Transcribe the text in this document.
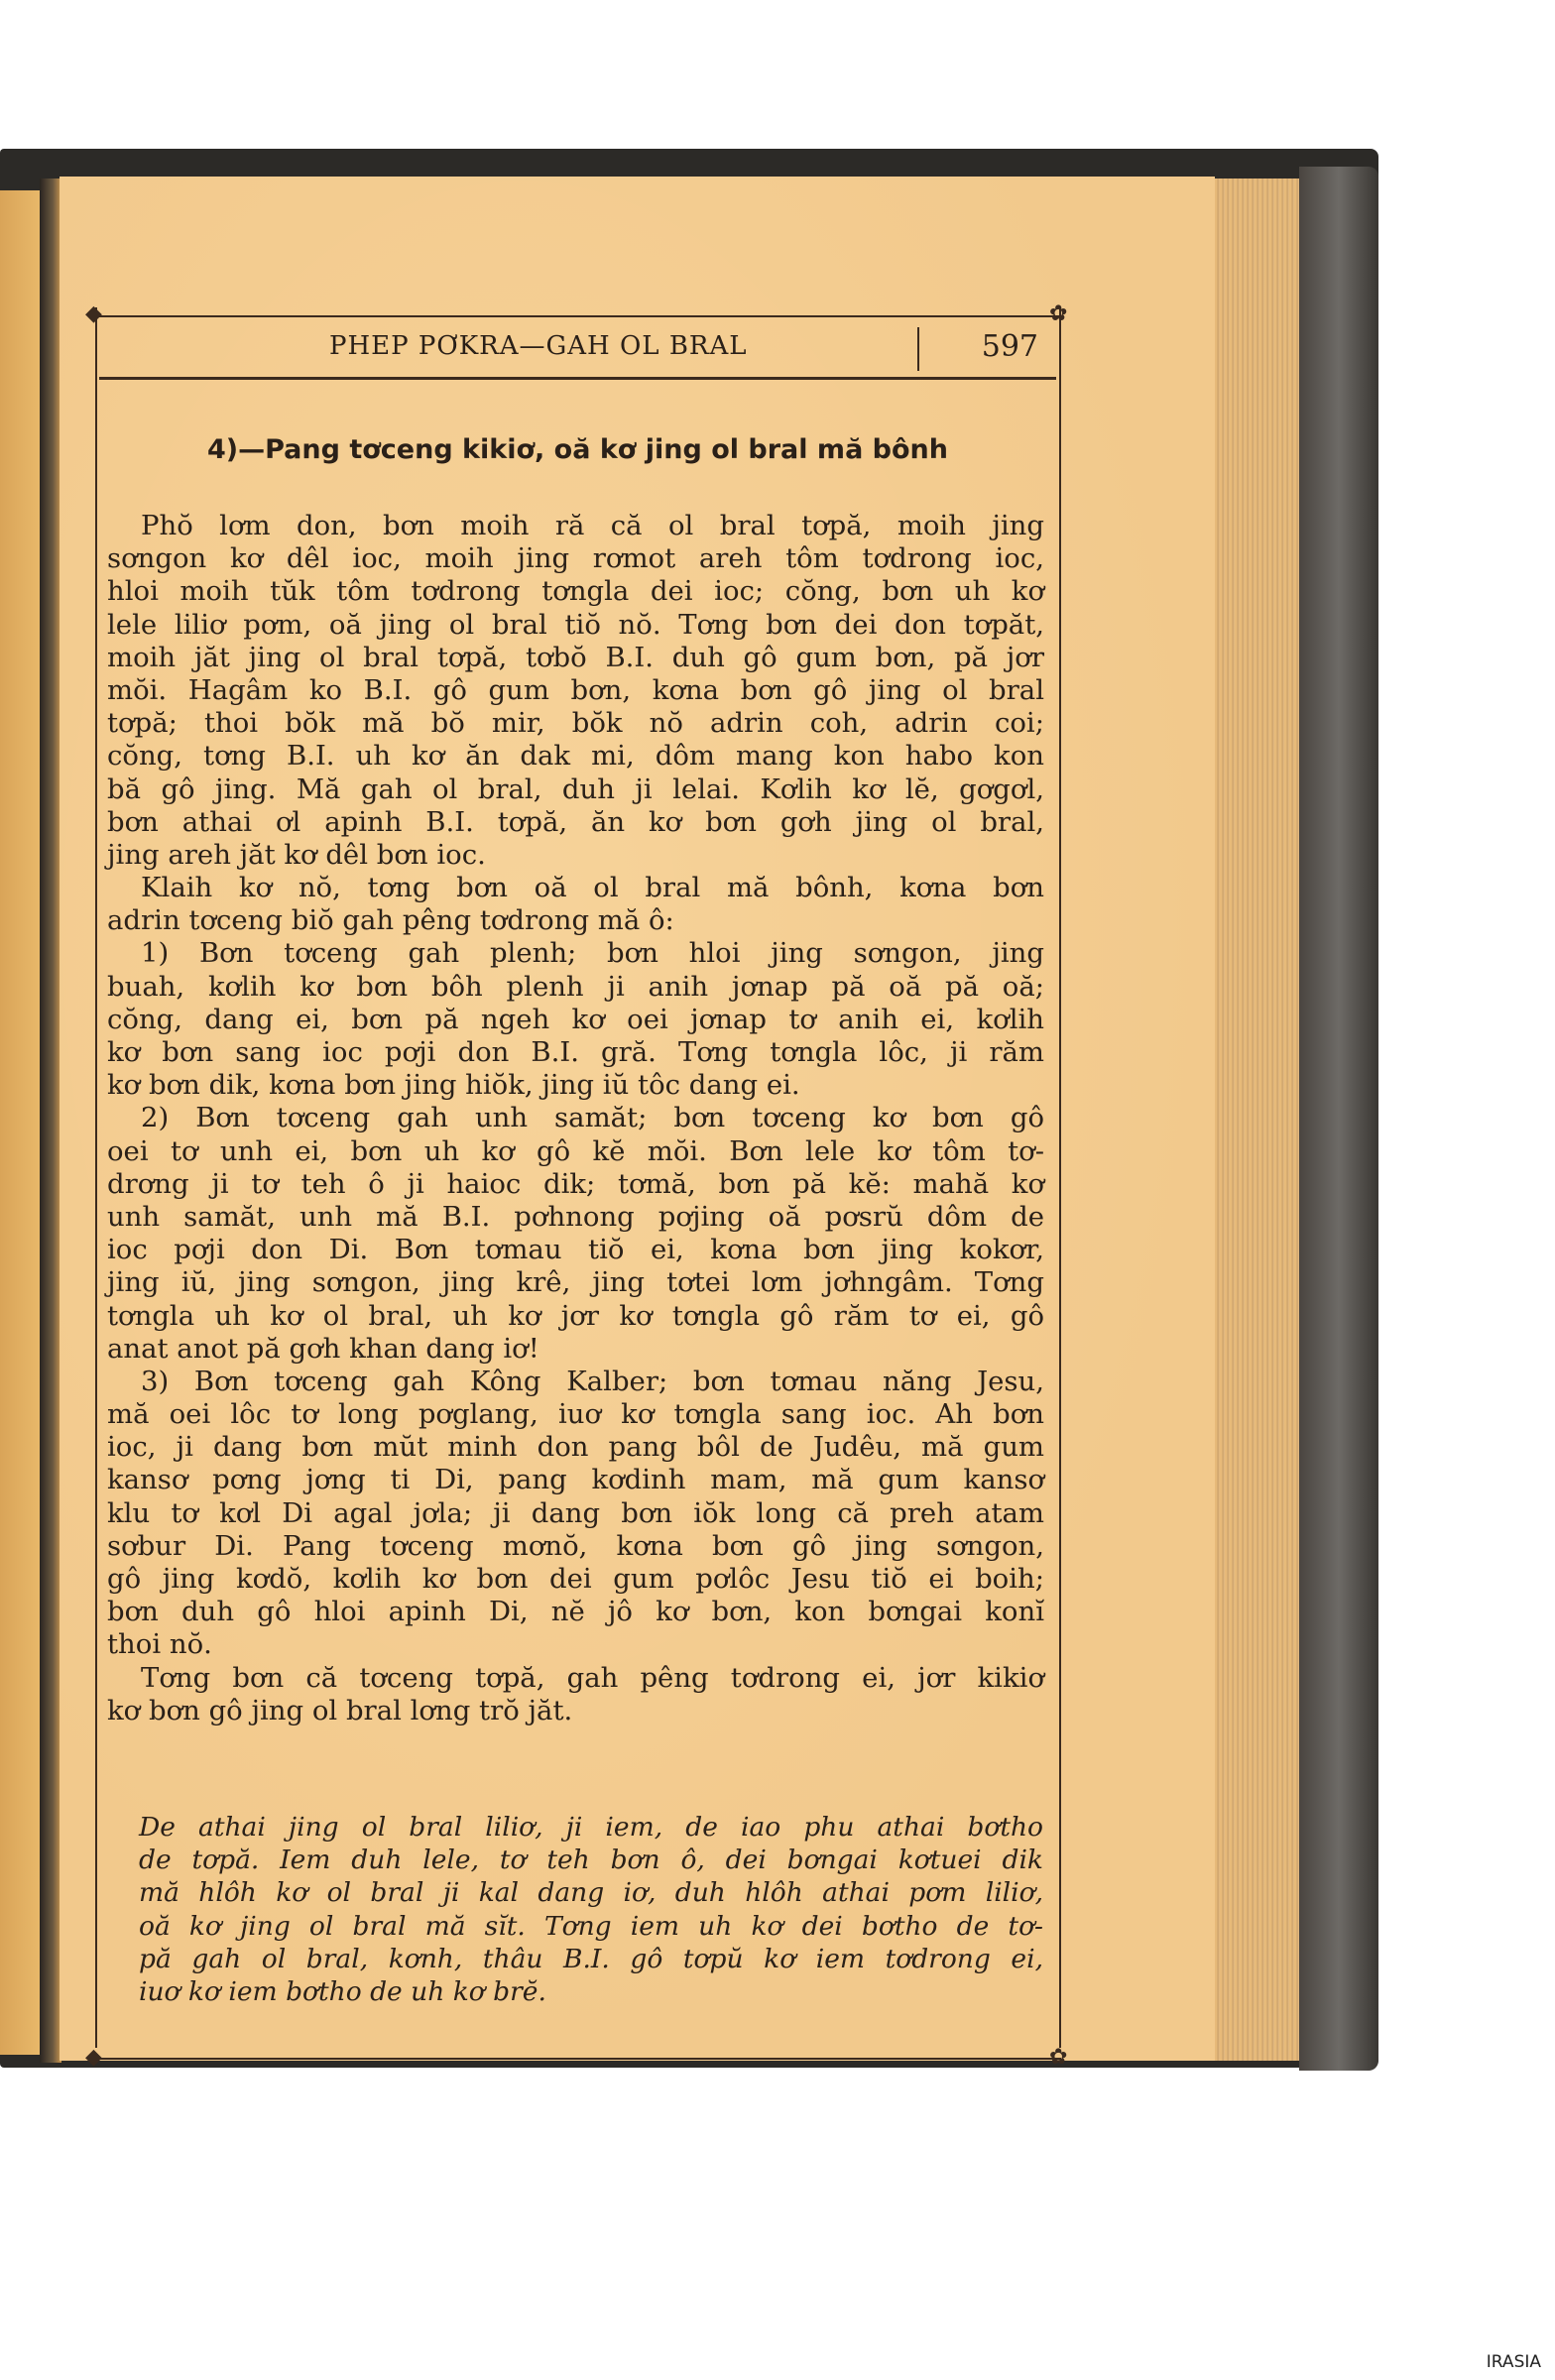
◆	✿
◆	✿
PHEP PƠKRA—GAH OL BRAL	597
4)—Pang tơceng kikiơ, oă kơ jing ol bral mă bônh
Phŏ lơm don, bơn moih ră că ol bral tơpă, moih jing
sơngon kơ dêl ioc, moih jing rơmot areh tôm tơdrong ioc,
hloi moih tŭk tôm tơdrong tơngla dei ioc; cŏng, bơn uh kơ
lele liliơ pơm, oă jing ol bral tiŏ nŏ. Tơng bơn dei don tơpăt,
moih jăt jing ol bral tơpă, tơbŏ B.I. duh gô gum bơn, pă jơr
mŏi. Hagâm ko B.I. gô gum bơn, kơna bơn gô jing ol bral
tơpă; thoi bŏk mă bŏ mir, bŏk nŏ adrin coh, adrin coi;
cŏng, tơng B.I. uh kơ ăn dak mi, dôm mang kon habo kon
bă gô jing. Mă gah ol bral, duh ji lelai. Kơlih kơ lĕ, gơgơl,
bơn athai ơl apinh B.I. tơpă, ăn kơ bơn gơh jing ol bral,
jing areh jăt kơ dêl bơn ioc.
Klaih kơ nŏ, tơng bơn oă ol bral mă bônh, kơna bơn
adrin tơceng biŏ gah pêng tơdrong mă ô:
1) Bơn tơceng gah plenh; bơn hloi jing sơngon, jing
buah, kơlih kơ bơn bôh plenh ji anih jơnap pă oă pă oă;
cŏng, dang ei, bơn pă ngeh kơ oei jơnap tơ anih ei, kơlih
kơ bơn sang ioc pơji don B.I. gră. Tơng tơngla lôc, ji răm
kơ bơn dik, kơna bơn jing hiŏk, jing iŭ tôc dang ei.
2) Bơn tơceng gah unh samăt; bơn tơceng kơ bơn gô
oei tơ unh ei, bơn uh kơ gô kĕ mŏi. Bơn lele kơ tôm tơ-
drơng ji tơ teh ô ji haioc dik; tơmă, bơn pă kĕ: mahă kơ
unh samăt, unh mă B.I. pơhnong pơjing oă pơsrŭ dôm de
ioc pơji don Di. Bơn tơmau tiŏ ei, kơna bơn jing kokơr,
jing iŭ, jing sơngon, jing krê, jing tơtei lơm jơhngâm. Tơng
tơngla uh kơ ol bral, uh kơ jơr kơ tơngla gô răm tơ ei, gô
anat anot pă gơh khan dang iơ!
3) Bơn tơceng gah Kông Kalber; bơn tơmau năng Jesu,
mă oei lôc tơ long pơglang, iuơ kơ tơngla sang ioc. Ah bơn
ioc, ji dang bơn mŭt minh don pang bôl de Judêu, mă gum
kansơ pơng jơng ti Di, pang kơdinh mam, mă gum kansơ
klu tơ kơl Di agal jơla; ji dang bơn iŏk long că preh atam
sơbur Di. Pang tơceng mơnŏ, kơna bơn gô jing sơngon,
gô jing kơdŏ, kơlih kơ bơn dei gum pơlôc Jesu tiŏ ei boih;
bơn duh gô hloi apinh Di, nĕ jô kơ bơn, kon bơngai konĭ
thoi nŏ.
Tơng bơn că tơceng tơpă, gah pêng tơdrong ei, jơr kikiơ
kơ bơn gô jing ol bral lơng trŏ jăt.
De athai jing ol bral liliơ, ji iem, de iao phu athai bơtho
de tơpă. Iem duh lele, tơ teh bơn ô, dei bơngai kơtuei dik
mă hlôh kơ ol bral ji kal dang iơ, duh hlôh athai pơm liliơ,
oă kơ jing ol bral mă sĭt. Tơng iem uh kơ dei bơtho de tơ-
pă gah ol bral, kơnh, thâu B.I. gô tơpŭ kơ iem tơdrong ei,
iuơ kơ iem bơtho de uh kơ brĕ.
IRASIA
